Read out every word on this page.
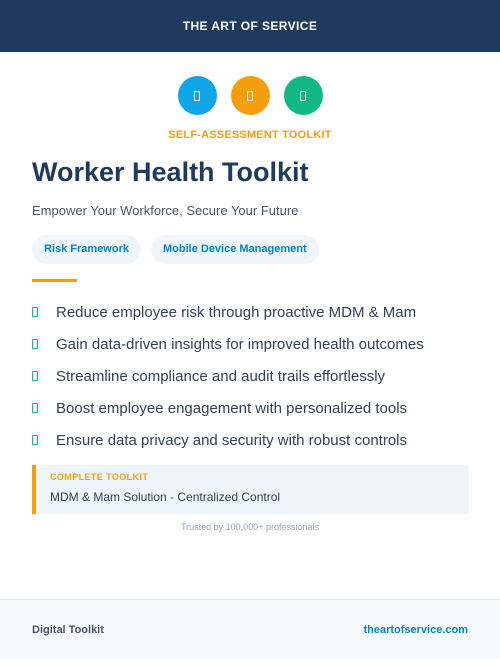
THE ART OF SERVICE
SELF-ASSESSMENT TOOLKIT
Worker Health Toolkit

Empower Your Workforce, Secure Your Future

Risk Framework	Mobile Device Management
Reduce employee risk through proactive MDM & Mam
Gain data-driven insights for improved health outcomes
Streamline compliance and audit trails effortlessly
Boost employee engagement with personalized tools
Ensure data privacy and security with robust controls
COMPLETE TOOLKIT
MDM & Mam Solution - Centralized Control
Trusted by 100,000+ professionals
Digital Toolkit	theartofservice.com
